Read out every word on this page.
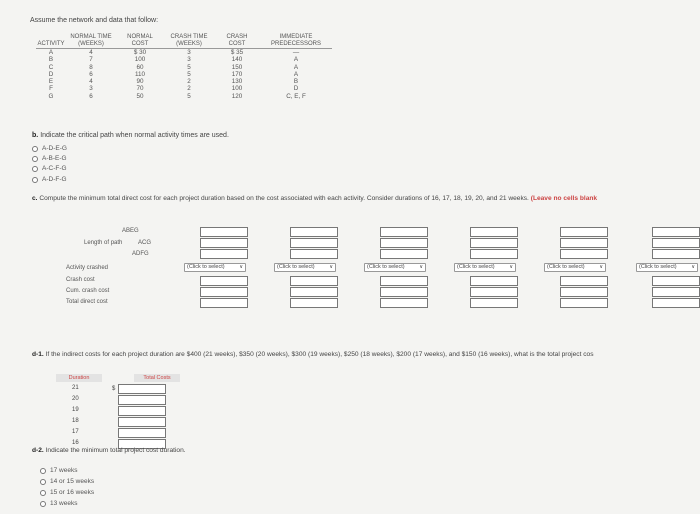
Assume the network and data that follow:
NORMAL TIME	NORMAL	CRASH TIME	CRASH	IMMEDIATE
ACTIVITY	(WEEKS)	COST	(WEEKS)	COST	PREDECESSORS
A	4	$ 30	3	$ 35	—
B	7	100	3	140	A
C	8	60	5	150	A
D	6	110	5	170	A
E	4	90	2	130	B
F	3	70	2	100	D
G	6	50	5	120	C, E, F
b. Indicate the critical path when normal activity times are used.
A-D-E-G
A-B-E-G
A-C-F-G
A-D-F-G
c. Compute the minimum total direct cost for each project duration based on the cost associated with each activity. Consider durations of 16, 17, 18, 19, 20, and 21 weeks. (Leave no cells blank
ABEG
Length of path	ACG
ADFG
Activity crashed
Crash cost
Cum. crash cost
Total direct cost
(Click to select)	∨	(Click to select)	∨	(Click to select)	∨	(Click to select)	∨	(Click to select)	∨	(Click to select)	∨
d-1. If the indirect costs for each project duration are $400 (21 weeks), $350 (20 weeks), $300 (19 weeks), $250 (18 weeks), $200 (17 weeks), and $150 (16 weeks), what is the total project cos
Duration	Total Costs
$
21
20
19
18
17
16
d-2. Indicate the minimum total project cost duration.
17 weeks
14 or 15 weeks
15 or 16 weeks
13 weeks
